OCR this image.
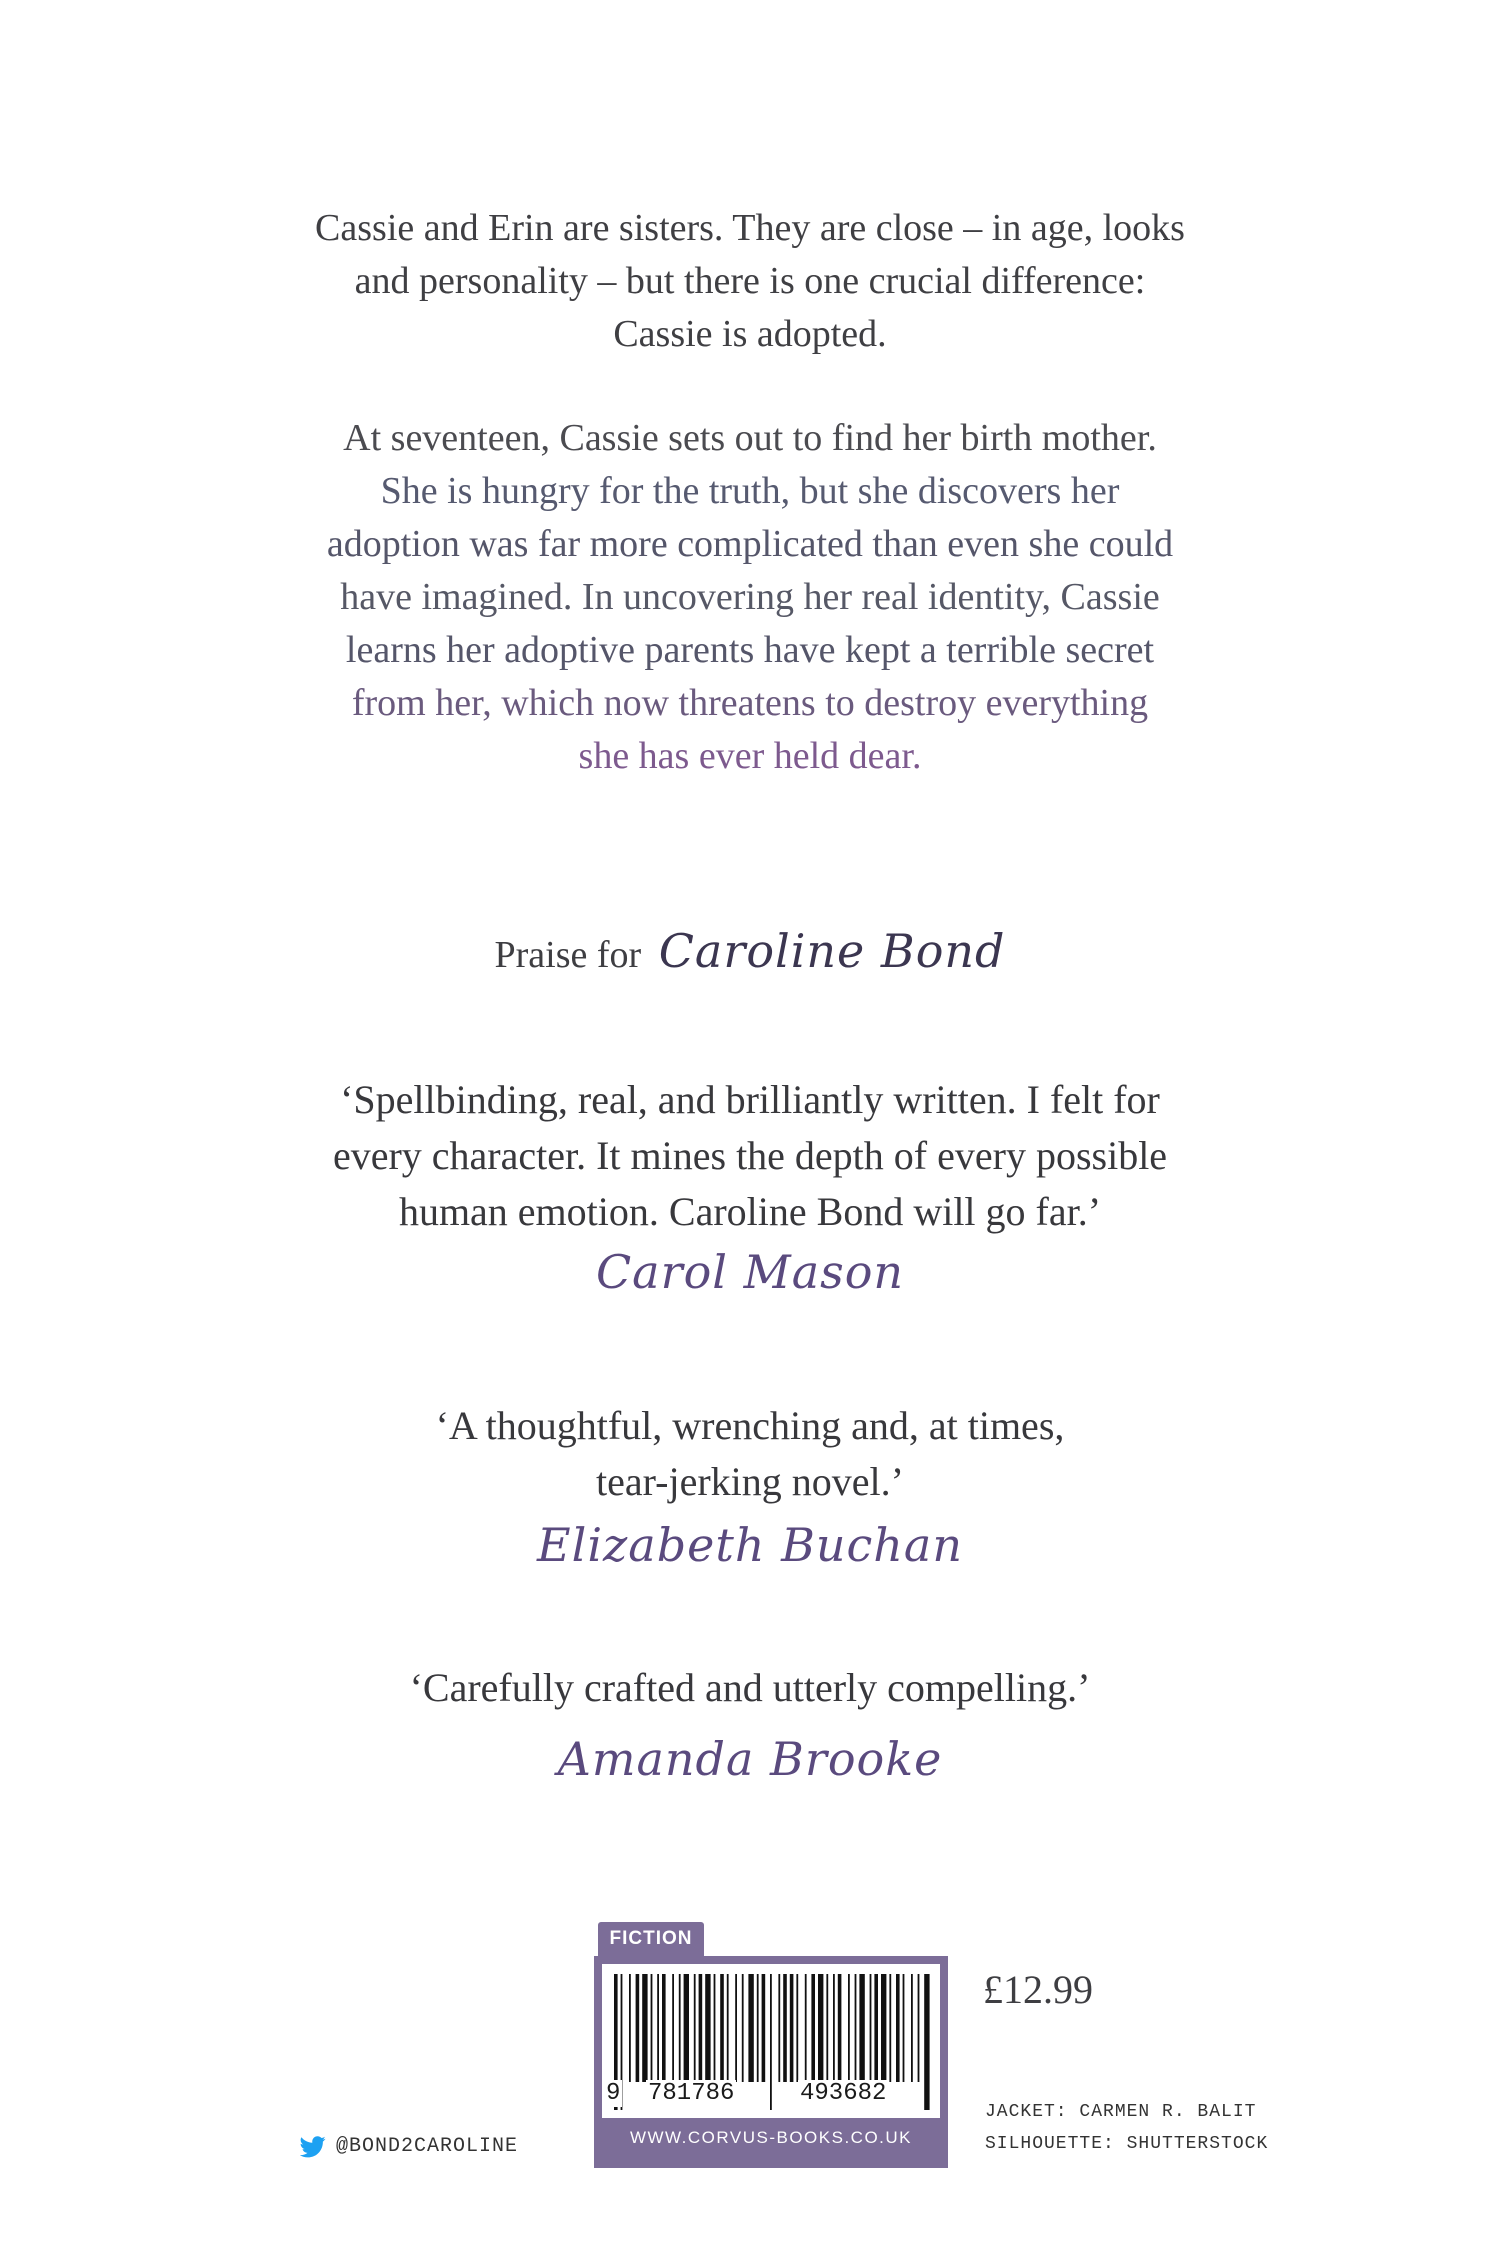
Cassie and Erin are sisters. They are close – in age, looks
and personality – but there is one crucial difference:
Cassie is adopted.
At seventeen, Cassie sets out to find her birth mother.
She is hungry for the truth, but she discovers her
adoption was far more complicated than even she could
have imagined. In uncovering her real identity, Cassie
learns her adoptive parents have kept a terrible secret
from her, which now threatens to destroy everything
she has ever held dear.
Praise for Caroline Bond
‘Spellbinding, real, and brilliantly written. I felt for
every character. It mines the depth of every possible
human emotion. Caroline Bond will go far.’
Carol Mason
‘A thoughtful, wrenching and, at times,
tear-jerking novel.’
Elizabeth Buchan
‘Carefully crafted and utterly compelling.’
Amanda Brooke
FICTION
9 781786	493682
WWW.CORVUS-BOOKS.CO.UK
£12.99
JACKET: CARMEN R. BALIT
SILHOUETTE: SHUTTERSTOCK
@BOND2CAROLINE
